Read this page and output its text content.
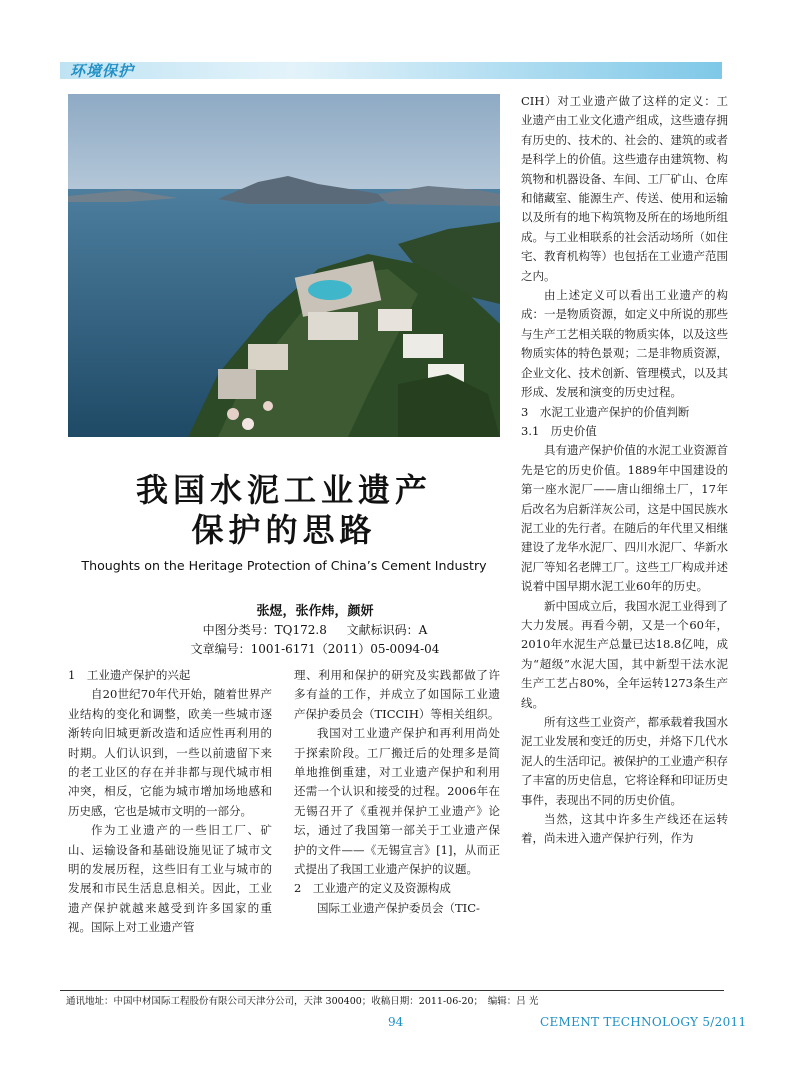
环境保护
我国水泥工业遗产
保护的思路
Thoughts on the Heritage Protection of China’s Cement Industry
张煜，张作炜，颜妍
中图分类号：TQ172.8 文献标识码：A
文章编号：1001-6171（2011）05-0094-04
1　工业遗产保护的兴起

自20世纪70年代开始，随着世界产业结构的变化和调整，欧美一些城市逐渐转向旧城更新改造和适应性再利用的时期。人们认识到，一些以前遗留下来的老工业区的存在并非都与现代城市相冲突，相反，它能为城市增加场地感和历史感，它也是城市文明的一部分。

作为工业遗产的一些旧工厂、矿山、运输设备和基础设施见证了城市文明的发展历程，这些旧有工业与城市的发展和市民生活息息相关。因此，工业遗产保护就越来越受到许多国家的重视。国际上对工业遗产管

理、利用和保护的研究及实践都做了许多有益的工作，并成立了如国际工业遗产保护委员会（TICCIH）等相关组织。

我国对工业遗产保护和再利用尚处于探索阶段。工厂搬迁后的处理多是简单地推倒重建，对工业遗产保护和利用还需一个认识和接受的过程。2006年在无锡召开了《重视并保护工业遗产》论坛，通过了我国第一部关于工业遗产保护的文件——《无锡宣言》[1]，从而正式提出了我国工业遗产保护的议题。

2　工业遗产的定义及资源构成

国际工业遗产保护委员会（TIC-

CIH）对工业遗产做了这样的定义：工业遗产由工业文化遗产组成，这些遗存拥有历史的、技术的、社会的、建筑的或者是科学上的价值。这些遗存由建筑物、构筑物和机器设备、车间、工厂矿山、仓库和储藏室、能源生产、传送、使用和运输以及所有的地下构筑物及所在的场地所组成。与工业相联系的社会活动场所（如住宅、教育机构等）也包括在工业遗产范围之内。

由上述定义可以看出工业遗产的构成：一是物质资源，如定义中所说的那些与生产工艺相关联的物质实体，以及这些物质实体的特色景观；二是非物质资源，企业文化、技术创新、管理模式，以及其形成、发展和演变的历史过程。

3　水泥工业遗产保护的价值判断
3.1　历史价值

具有遗产保护价值的水泥工业资源首先是它的历史价值。1889年中国建设的第一座水泥厂——唐山细绵土厂，17年后改名为启新洋灰公司，这是中国民族水泥工业的先行者。在随后的年代里又相继建设了龙华水泥厂、四川水泥厂、华新水泥厂等知名老牌工厂。这些工厂构成并述说着中国早期水泥工业60年的历史。

新中国成立后，我国水泥工业得到了大力发展。再看今朝，又是一个60年，2010年水泥生产总量已达18.8亿吨，成为“超级”水泥大国，其中新型干法水泥生产工艺占80%，全年运转1273条生产线。

所有这些工业资产，都承载着我国水泥工业发展和变迁的历史，并烙下几代水泥人的生活印记。被保护的工业遗产积存了丰富的历史信息，它将诠释和印证历史事件，表现出不同的历史价值。

当然，这其中许多生产线还在运转着，尚未进入遗产保护行列，作为

通讯地址：中国中材国际工程股份有限公司天津分公司，天津 300400；收稿日期：2011-06-20；　编辑：吕 光
94	CEMENT TECHNOLOGY 5/2011
